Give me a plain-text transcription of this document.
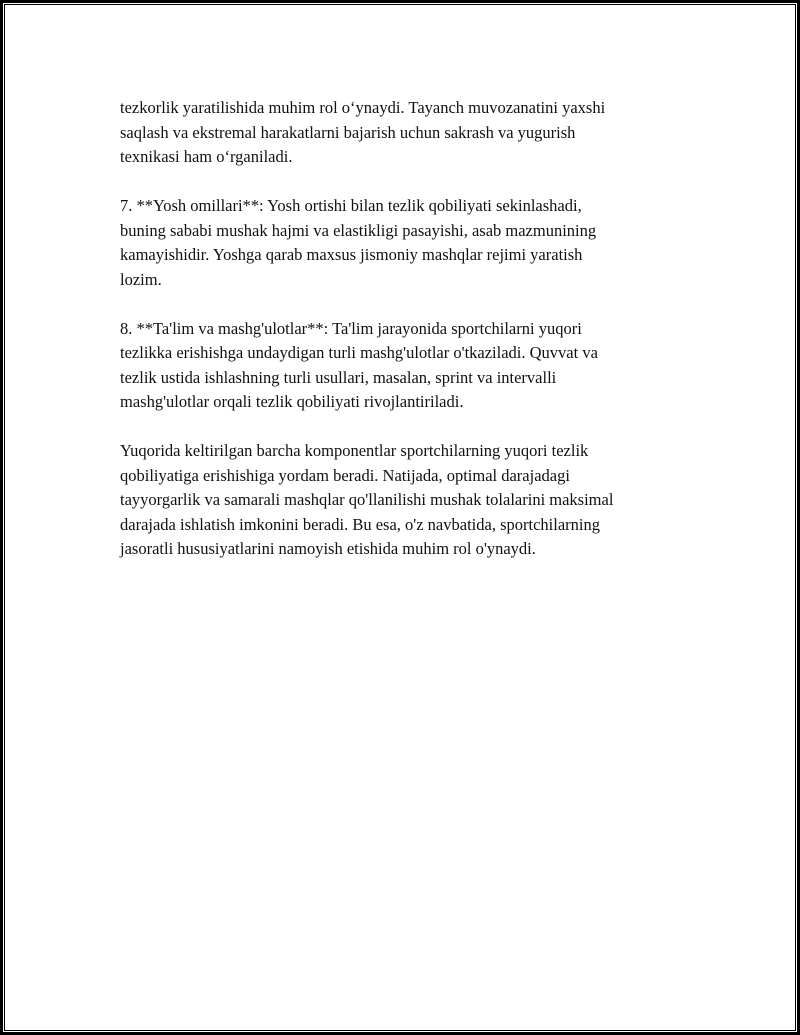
tezkorlik yaratilishida muhim rol o‘ynaydi. Tayanch muvozanatini yaxshi
saqlash va ekstremal harakatlarni bajarish uchun sakrash va yugurish
texnikasi ham o‘rganiladi.

7. **Yosh omillari**: Yosh ortishi bilan tezlik qobiliyati sekinlashadi,
buning sababi mushak hajmi va elastikligi pasayishi, asab mazmunining
kamayishidir. Yoshga qarab maxsus jismoniy mashqlar rejimi yaratish
lozim.

8. **Ta'lim va mashg'ulotlar**: Ta'lim jarayonida sportchilarni yuqori
tezlikka erishishga undaydigan turli mashg'ulotlar o'tkaziladi. Quvvat va
tezlik ustida ishlashning turli usullari, masalan, sprint va intervalli
mashg'ulotlar orqali tezlik qobiliyati rivojlantiriladi.

Yuqorida keltirilgan barcha komponentlar sportchilarning yuqori tezlik
qobiliyatiga erishishiga yordam beradi. Natijada, optimal darajadagi
tayyorgarlik va samarali mashqlar qo'llanilishi mushak tolalarini maksimal
darajada ishlatish imkonini beradi. Bu esa, o'z navbatida, sportchilarning
jasoratli hususiyatlarini namoyish etishida muhim rol o'ynaydi.
